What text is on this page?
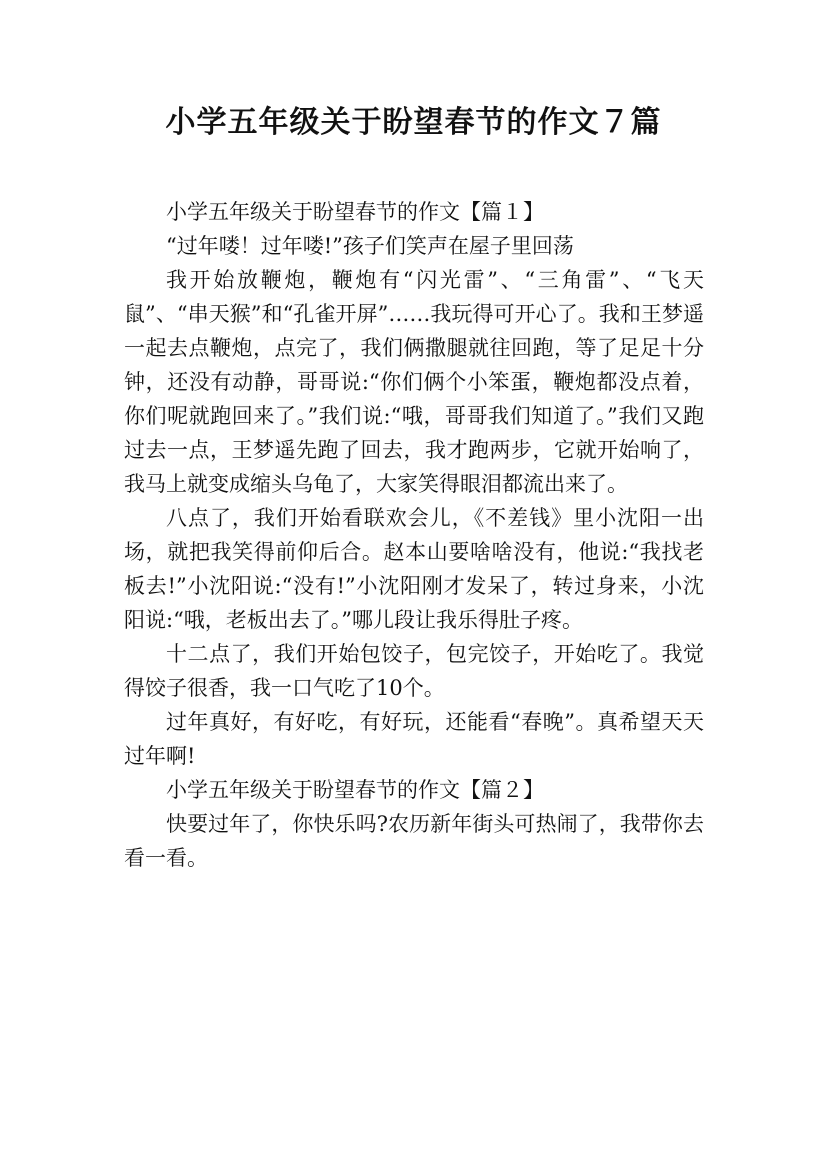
小学五年级关于盼望春节的作文７篇

小学五年级关于盼望春节的作文【篇１】

“过年喽！过年喽!”孩子们笑声在屋子里回荡

我开始放鞭炮，鞭炮有“闪光雷”、“三角雷”、“飞天鼠”、“串天猴”和“孔雀开屏”……我玩得可开心了。我和王梦遥一起去点鞭炮，点完了，我们俩撒腿就往回跑，等了足足十分钟，还没有动静，哥哥说:“你们俩个小笨蛋，鞭炮都没点着，你们呢就跑回来了。”我们说:“哦，哥哥我们知道了。”我们又跑过去一点，王梦遥先跑了回去，我才跑两步，它就开始响了，我马上就变成缩头乌龟了，大家笑得眼泪都流出来了。

八点了，我们开始看联欢会儿，《不差钱》里小沈阳一出场，就把我笑得前仰后合。赵本山要啥啥没有，他说:“我找老板去!”小沈阳说:“没有!”小沈阳刚才发呆了，转过身来，小沈阳说:“哦，老板出去了。”哪儿段让我乐得肚子疼。

十二点了，我们开始包饺子，包完饺子，开始吃了。我觉得饺子很香，我一口气吃了10个。

过年真好，有好吃，有好玩，还能看“春晚”。真希望天天过年啊!

小学五年级关于盼望春节的作文【篇２】

快要过年了，你快乐吗?农历新年街头可热闹了，我带你去看一看。
